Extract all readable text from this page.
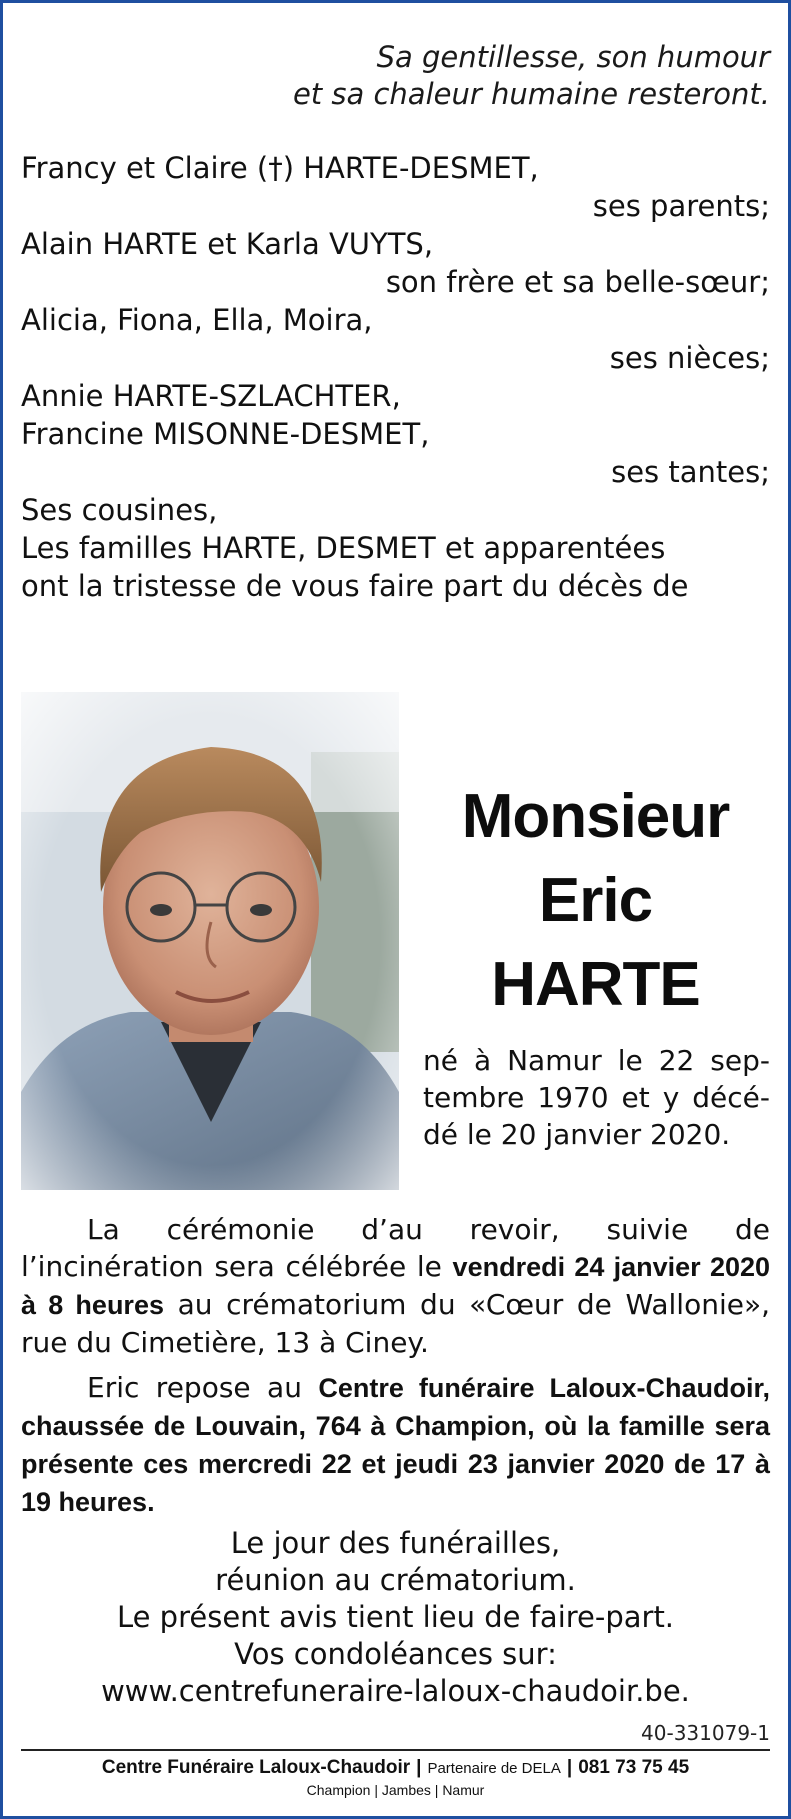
Sa gentillesse, son humour
et sa chaleur humaine resteront.
Francy et Claire (†) HARTE-DESMET,
ses parents;
Alain HARTE et Karla VUYTS,
son frère et sa belle-sœur;
Alicia, Fiona, Ella, Moira,
ses nièces;
Annie HARTE-SZLACHTER,
Francine MISONNE-DESMET,
ses tantes;
Ses cousines,
Les familles HARTE, DESMET et apparentées
ont la tristesse de vous faire part du décès de
Monsieur
Eric
HARTE
né à Namur le 22 sep-
tembre 1970 et y décé-
dé le 20 janvier 2020.
La cérémonie d’au revoir, suivie de l’incinération sera célébrée le vendredi 24 janvier 2020 à 8 heures au crématorium du «Cœur de Wallonie», rue du Cimetière, 13 à Ciney.
Eric repose au Centre funéraire Laloux-Chaudoir, chaussée de Louvain, 764 à Champion, où la famille sera présente ces mercredi 22 et jeudi 23 janvier 2020 de 17 à 19 heures.
Le jour des funérailles,
réunion au crématorium.
Le présent avis tient lieu de faire-part.
Vos condoléances sur:
www.centrefuneraire-laloux-chaudoir.be.
40-331079-1
Centre Funéraire Laloux-Chaudoir | Partenaire de DELA | 081 73 75 45
Champion | Jambes | Namur
